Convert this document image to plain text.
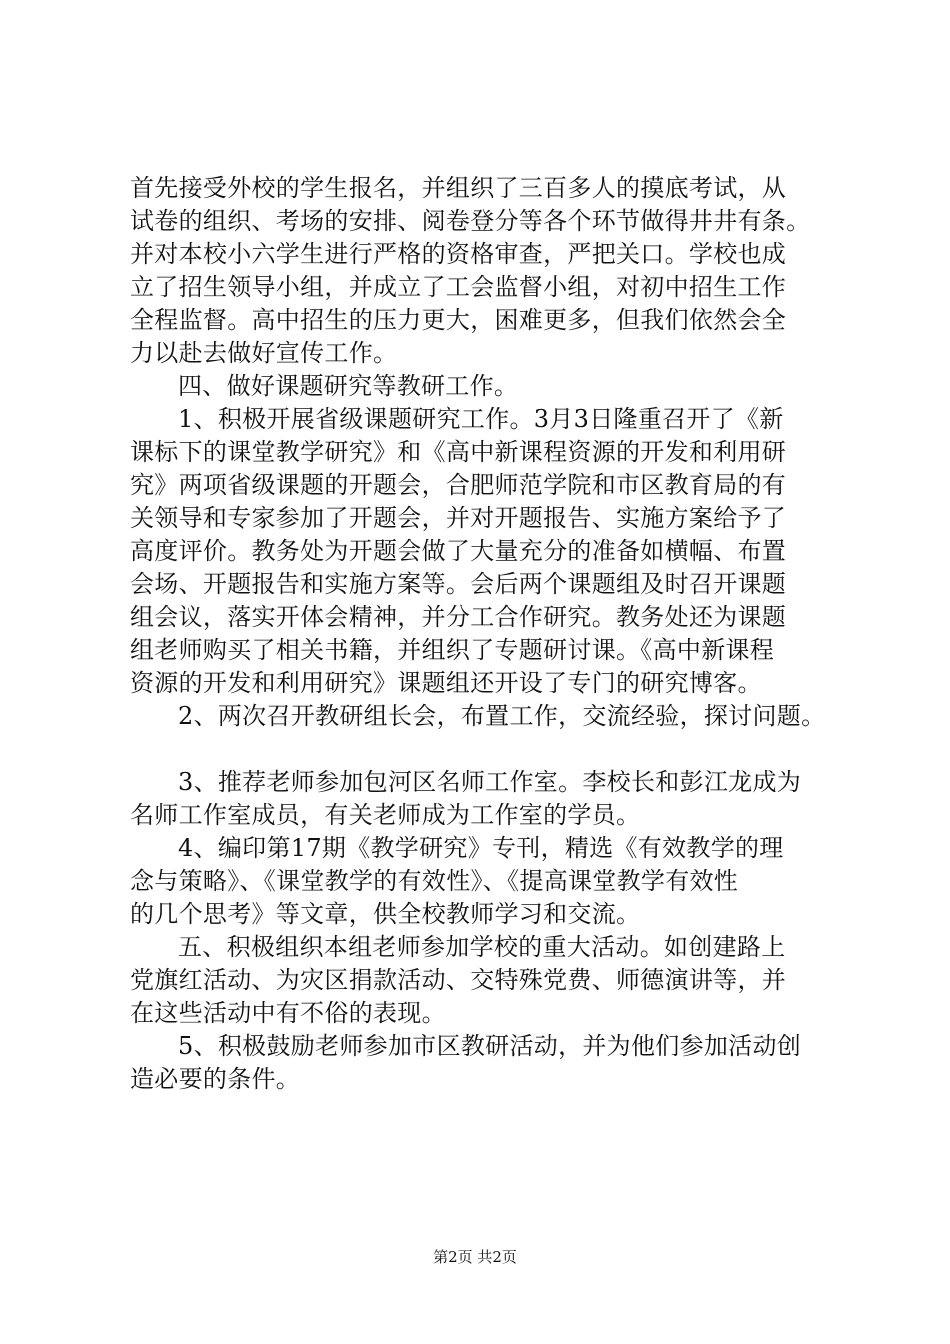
首先接受外校的学生报名，并组织了三百多人的摸底考试，从
试卷的组织、考场的安排、阅卷登分等各个环节做得井井有条。
并对本校小六学生进行严格的资格审查，严把关口。学校也成
立了招生领导小组，并成立了工会监督小组，对初中招生工作
全程监督。高中招生的压力更大，困难更多，但我们依然会全
力以赴去做好宣传工作。
四、做好课题研究等教研工作。
1、积极开展省级课题研究工作。3月3日隆重召开了《新
课标下的课堂教学研究》和《高中新课程资源的开发和利用研
究》两项省级课题的开题会，合肥师范学院和市区教育局的有
关领导和专家参加了开题会，并对开题报告、实施方案给予了
高度评价。教务处为开题会做了大量充分的准备如横幅、布置
会场、开题报告和实施方案等。会后两个课题组及时召开课题
组会议，落实开体会精神，并分工合作研究。教务处还为课题
组老师购买了相关书籍，并组织了专题研讨课。《高中新课程
资源的开发和利用研究》课题组还开设了专门的研究博客。
2、两次召开教研组长会，布置工作，交流经验，探讨问题。
3、推荐老师参加包河区名师工作室。李校长和彭江龙成为
名师工作室成员，有关老师成为工作室的学员。
4、编印第17期《教学研究》专刊，精选《有效教学的理
念与策略》、《课堂教学的有效性》、《提高课堂教学有效性
的几个思考》等文章，供全校教师学习和交流。
五、积极组织本组老师参加学校的重大活动。如创建路上
党旗红活动、为灾区捐款活动、交特殊党费、师德演讲等，并
在这些活动中有不俗的表现。
5、积极鼓励老师参加市区教研活动，并为他们参加活动创
造必要的条件。
第2页 共2页
